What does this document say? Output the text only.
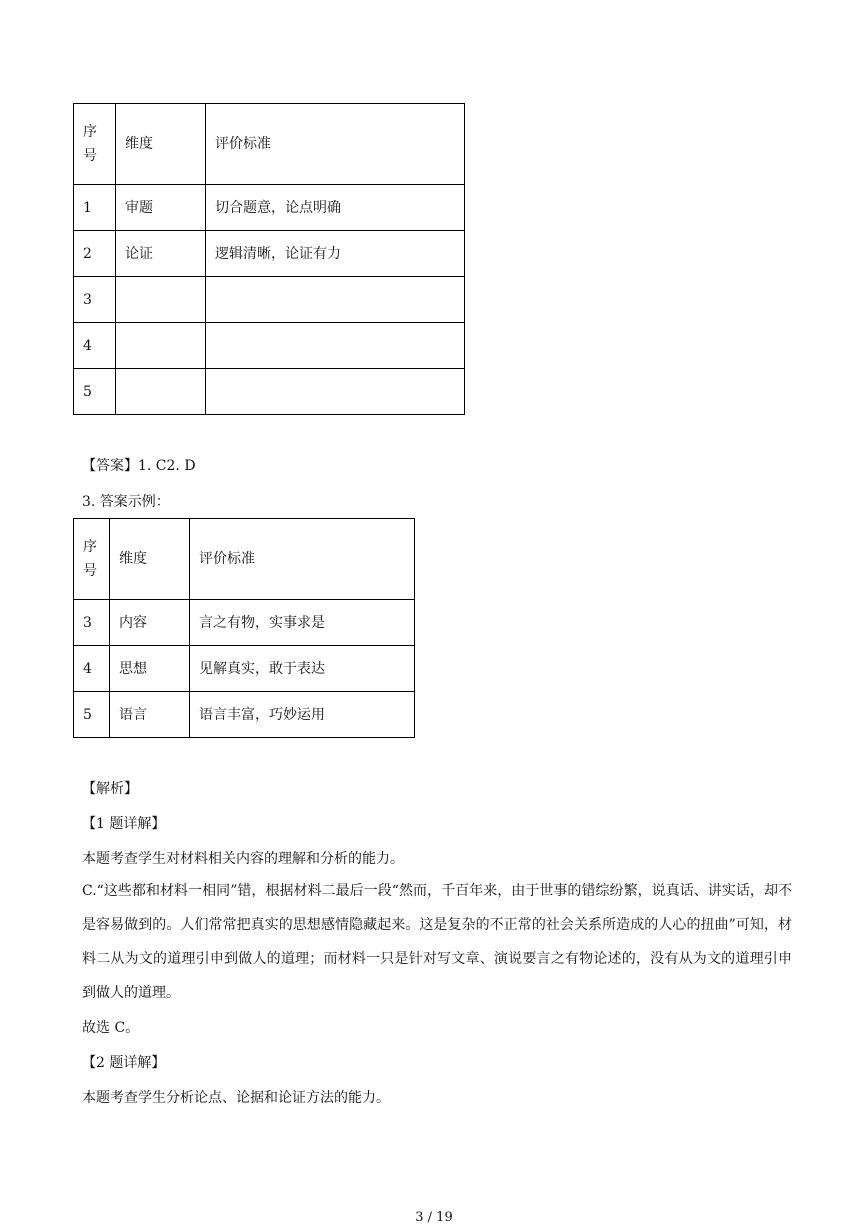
序号	维度	评价标准
1	审题	切合题意，论点明确
2	论证	逻辑清晰，论证有力
3		
4		
5		
【答案】1. C2. D
3. 答案示例：
序号	维度	评价标准
3	内容	言之有物，实事求是
4	思想	见解真实，敢于表达
5	语言	语言丰富，巧妙运用
【解析】
【1 题详解】
本题考查学生对材料相关内容的理解和分析的能力。

C.“这些都和材料一相同”错，根据材料二最后一段“然而，千百年来，由于世事的错综纷繁，说真话、讲实话，却不是容易做到的。人们常常把真实的思想感情隐藏起来。这是复杂的不正常的社会关系所造成的人心的扭曲”可知，材料二从为文的道理引申到做人的道理；而材料一只是针对写文章、演说要言之有物论述的，没有从为文的道理引申到做人的道理。

故选 C。
【2 题详解】
本题考查学生分析论点、论据和论证方法的能力。
3 / 19
